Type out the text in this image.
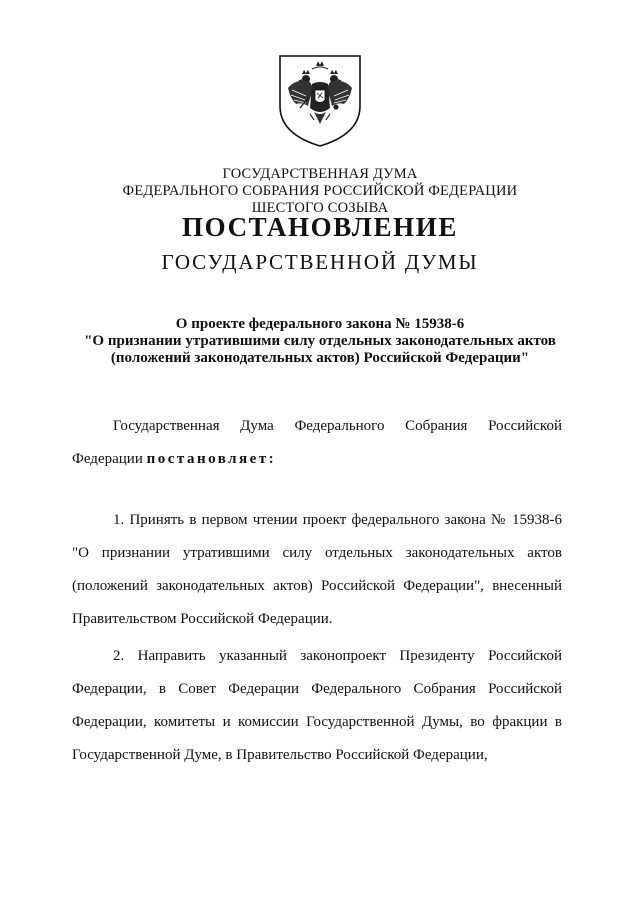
ГОСУДАРСТВЕННАЯ ДУМА
ФЕДЕРАЛЬНОГО СОБРАНИЯ РОССИЙСКОЙ ФЕДЕРАЦИИ
ШЕСТОГО СОЗЫВА
ПОСТАНОВЛЕНИЕ
ГОСУДАРСТВЕННОЙ ДУМЫ
О проекте федерального закона № 15938-6
"О признании утратившими силу отдельных законодательных актов
(положений законодательных актов) Российской Федерации"

Государственная Дума Федерального Собрания Российской Федерации постановляет:

1. Принять в первом чтении проект федерального закона № 15938-6 "О признании утратившими силу отдельных законодательных актов (положений законодательных актов) Российской Федерации", внесенный Правительством Российской Федерации.

2. Направить указанный законопроект Президенту Российской Федерации, в Совет Федерации Федерального Собрания Российской Федерации, комитеты и комиссии Государственной Думы, во фракции в Государственной Думе, в Правительство Российской Федерации,
